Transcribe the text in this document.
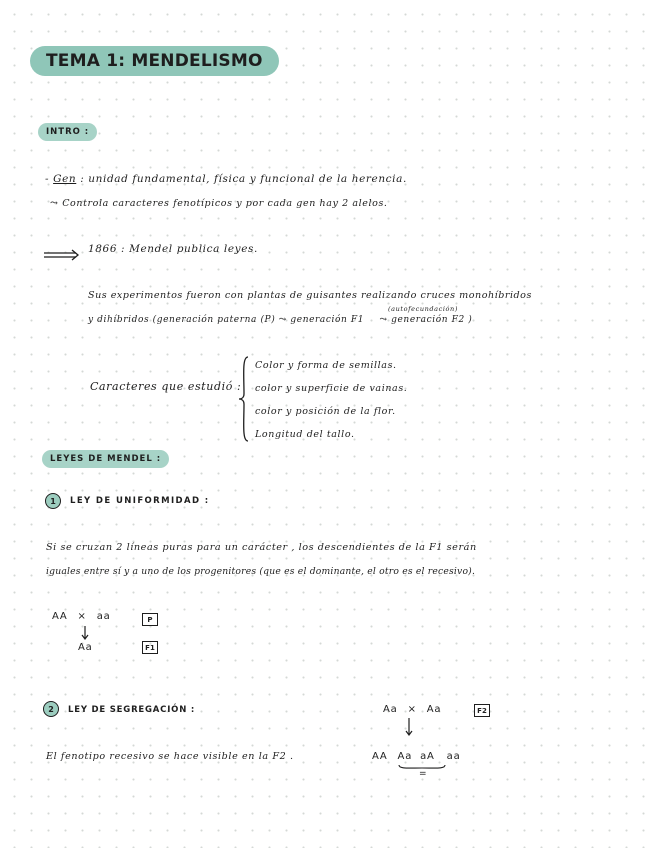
TEMA 1: MENDELISMO
INTRO :
- Gen : unidad fundamental, física y funcional de la herencia.
⤳ Controla caracteres fenotípicos y por cada gen hay 2 alelos.
1866 : Mendel publica leyes.
Sus experimentos fueron con plantas de guisantes realizando cruces monohíbridos
y dihíbridos (generación paterna (P) ⤳ generación F1 ⤳ generación F2 )
(autofecundación)
Caracteres que estudió :
Color y forma de semillas.
color y superficie de vainas.
color y posición de la flor.
Longitud del tallo.
LEYES DE MENDEL :
1 LEY DE UNIFORMIDAD :
Si se cruzan 2 líneas puras para un carácter , los descendientes de la F1 serán
iguales entre sí y a uno de los progenitores (que es el dominante, el otro es el recesivo).
AA × aa	P
Aa	F1
2 LEY DE SEGREGACIÓN :	Aa × Aa	F2
El fenotipo recesivo se hace visible en la F2 .	AA Aa aA aa
=
